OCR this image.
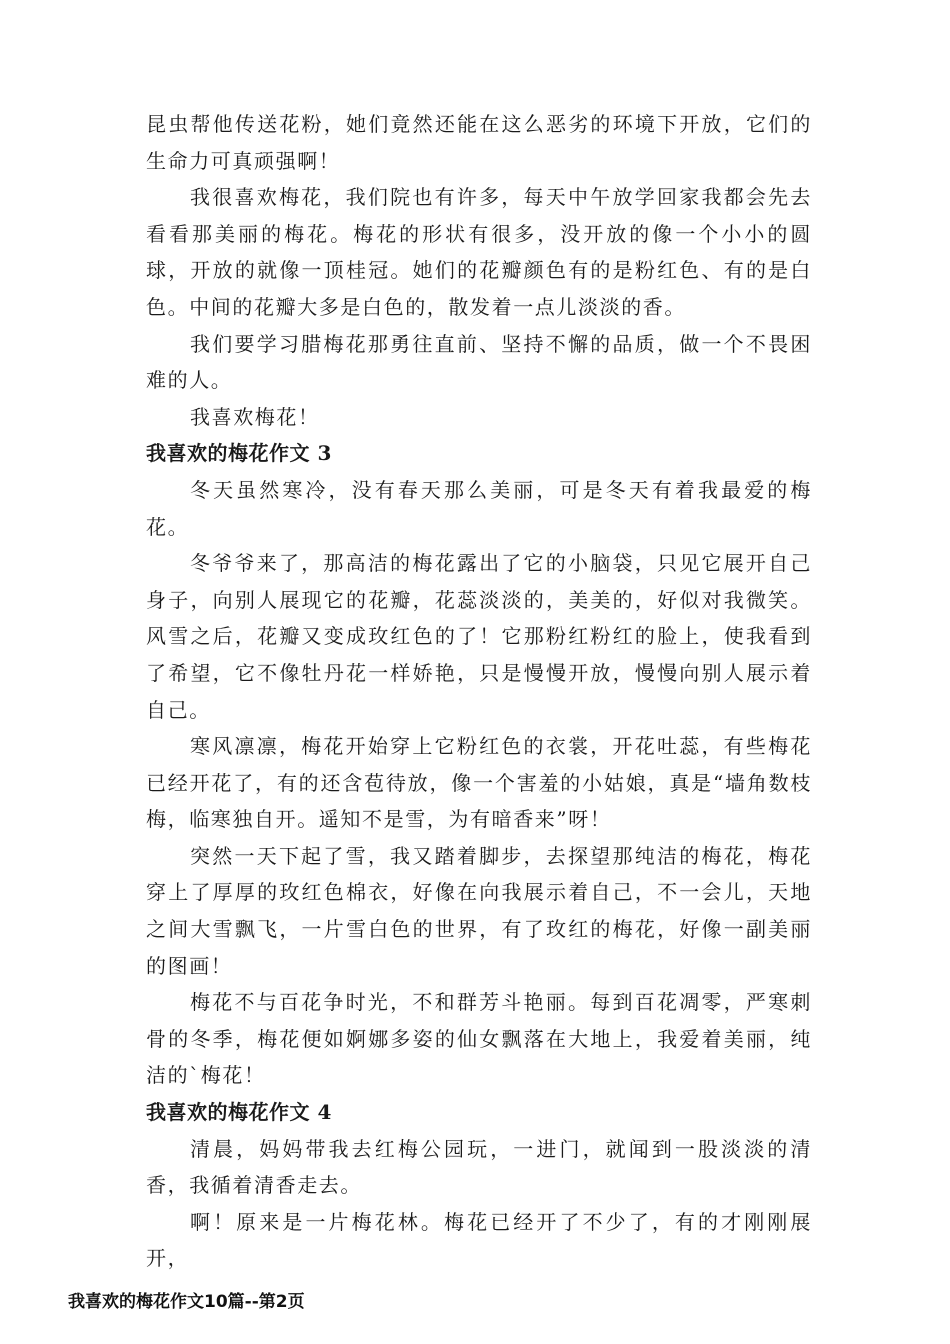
昆虫帮他传送花粉，她们竟然还能在这么恶劣的环境下开放，它们的生命力可真顽强啊！

我很喜欢梅花，我们院也有许多，每天中午放学回家我都会先去看看那美丽的梅花。梅花的形状有很多，没开放的像一个小小的圆球，开放的就像一顶桂冠。她们的花瓣颜色有的是粉红色、有的是白色。中间的花瓣大多是白色的，散发着一点儿淡淡的香。

我们要学习腊梅花那勇往直前、坚持不懈的品质，做一个不畏困难的人。

我喜欢梅花！

我喜欢的梅花作文 3

冬天虽然寒冷，没有春天那么美丽，可是冬天有着我最爱的梅花。

冬爷爷来了，那高洁的梅花露出了它的小脑袋，只见它展开自己身子，向别人展现它的花瓣，花蕊淡淡的，美美的，好似对我微笑。风雪之后，花瓣又变成玫红色的了！它那粉红粉红的脸上，使我看到了希望，它不像牡丹花一样娇艳，只是慢慢开放，慢慢向别人展示着自己。

寒风凛凛，梅花开始穿上它粉红色的衣裳，开花吐蕊，有些梅花已经开花了，有的还含苞待放，像一个害羞的小姑娘，真是“墙角数枝梅，临寒独自开。遥知不是雪，为有暗香来”呀！

突然一天下起了雪，我又踏着脚步，去探望那纯洁的梅花，梅花穿上了厚厚的玫红色棉衣，好像在向我展示着自己，不一会儿，天地之间大雪飘飞，一片雪白色的世界，有了玫红的梅花，好像一副美丽的图画！

梅花不与百花争时光，不和群芳斗艳丽。每到百花凋零，严寒刺骨的冬季，梅花便如婀娜多姿的仙女飘落在大地上，我爱着美丽，纯洁的`梅花！

我喜欢的梅花作文 4

清晨，妈妈带我去红梅公园玩，一进门，就闻到一股淡淡的清香，我循着清香走去。

啊！原来是一片梅花林。梅花已经开了不少了，有的才刚刚展开，

我喜欢的梅花作文10篇--第2页
